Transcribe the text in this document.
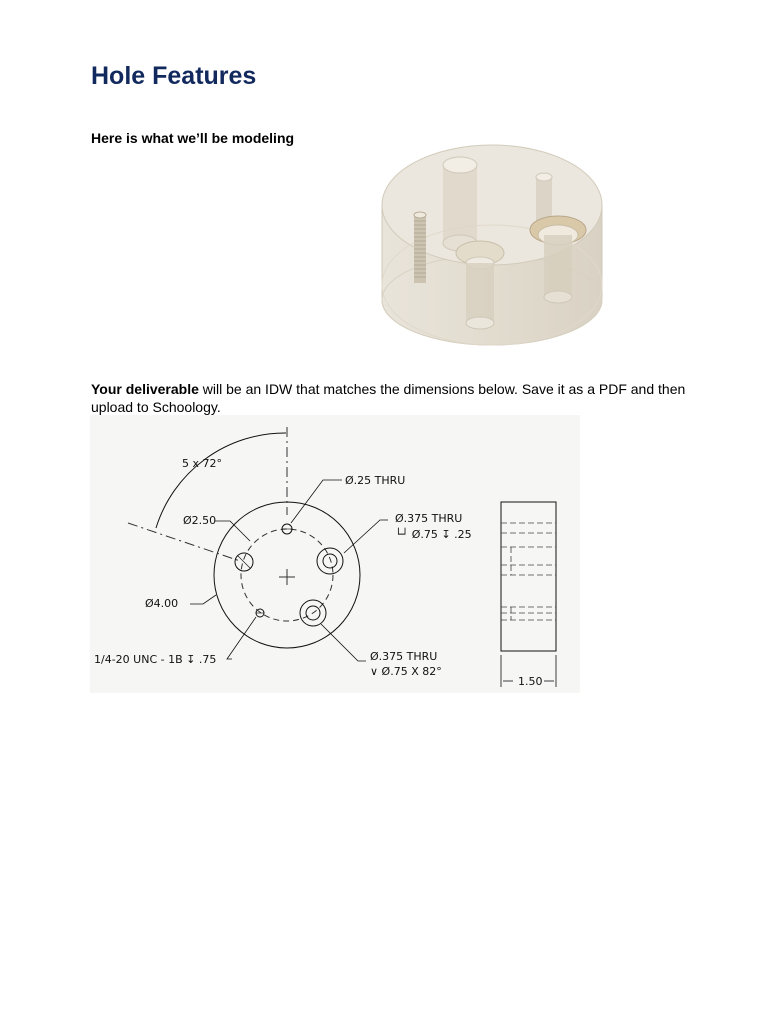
Hole Features
Here is what we’ll be modeling
Your deliverable will be an IDW that matches the dimensions below. Save it as a PDF and then upload to Schoology.
5 x 72°
Ø2.50
Ø4.00
1/4-20 UNC - 1B ↧ .75
Ø.25 THRU
Ø.375 THRU
└┘ Ø.75 ↧ .25
Ø.375 THRU
∨ Ø.75 X 82°
1.50
